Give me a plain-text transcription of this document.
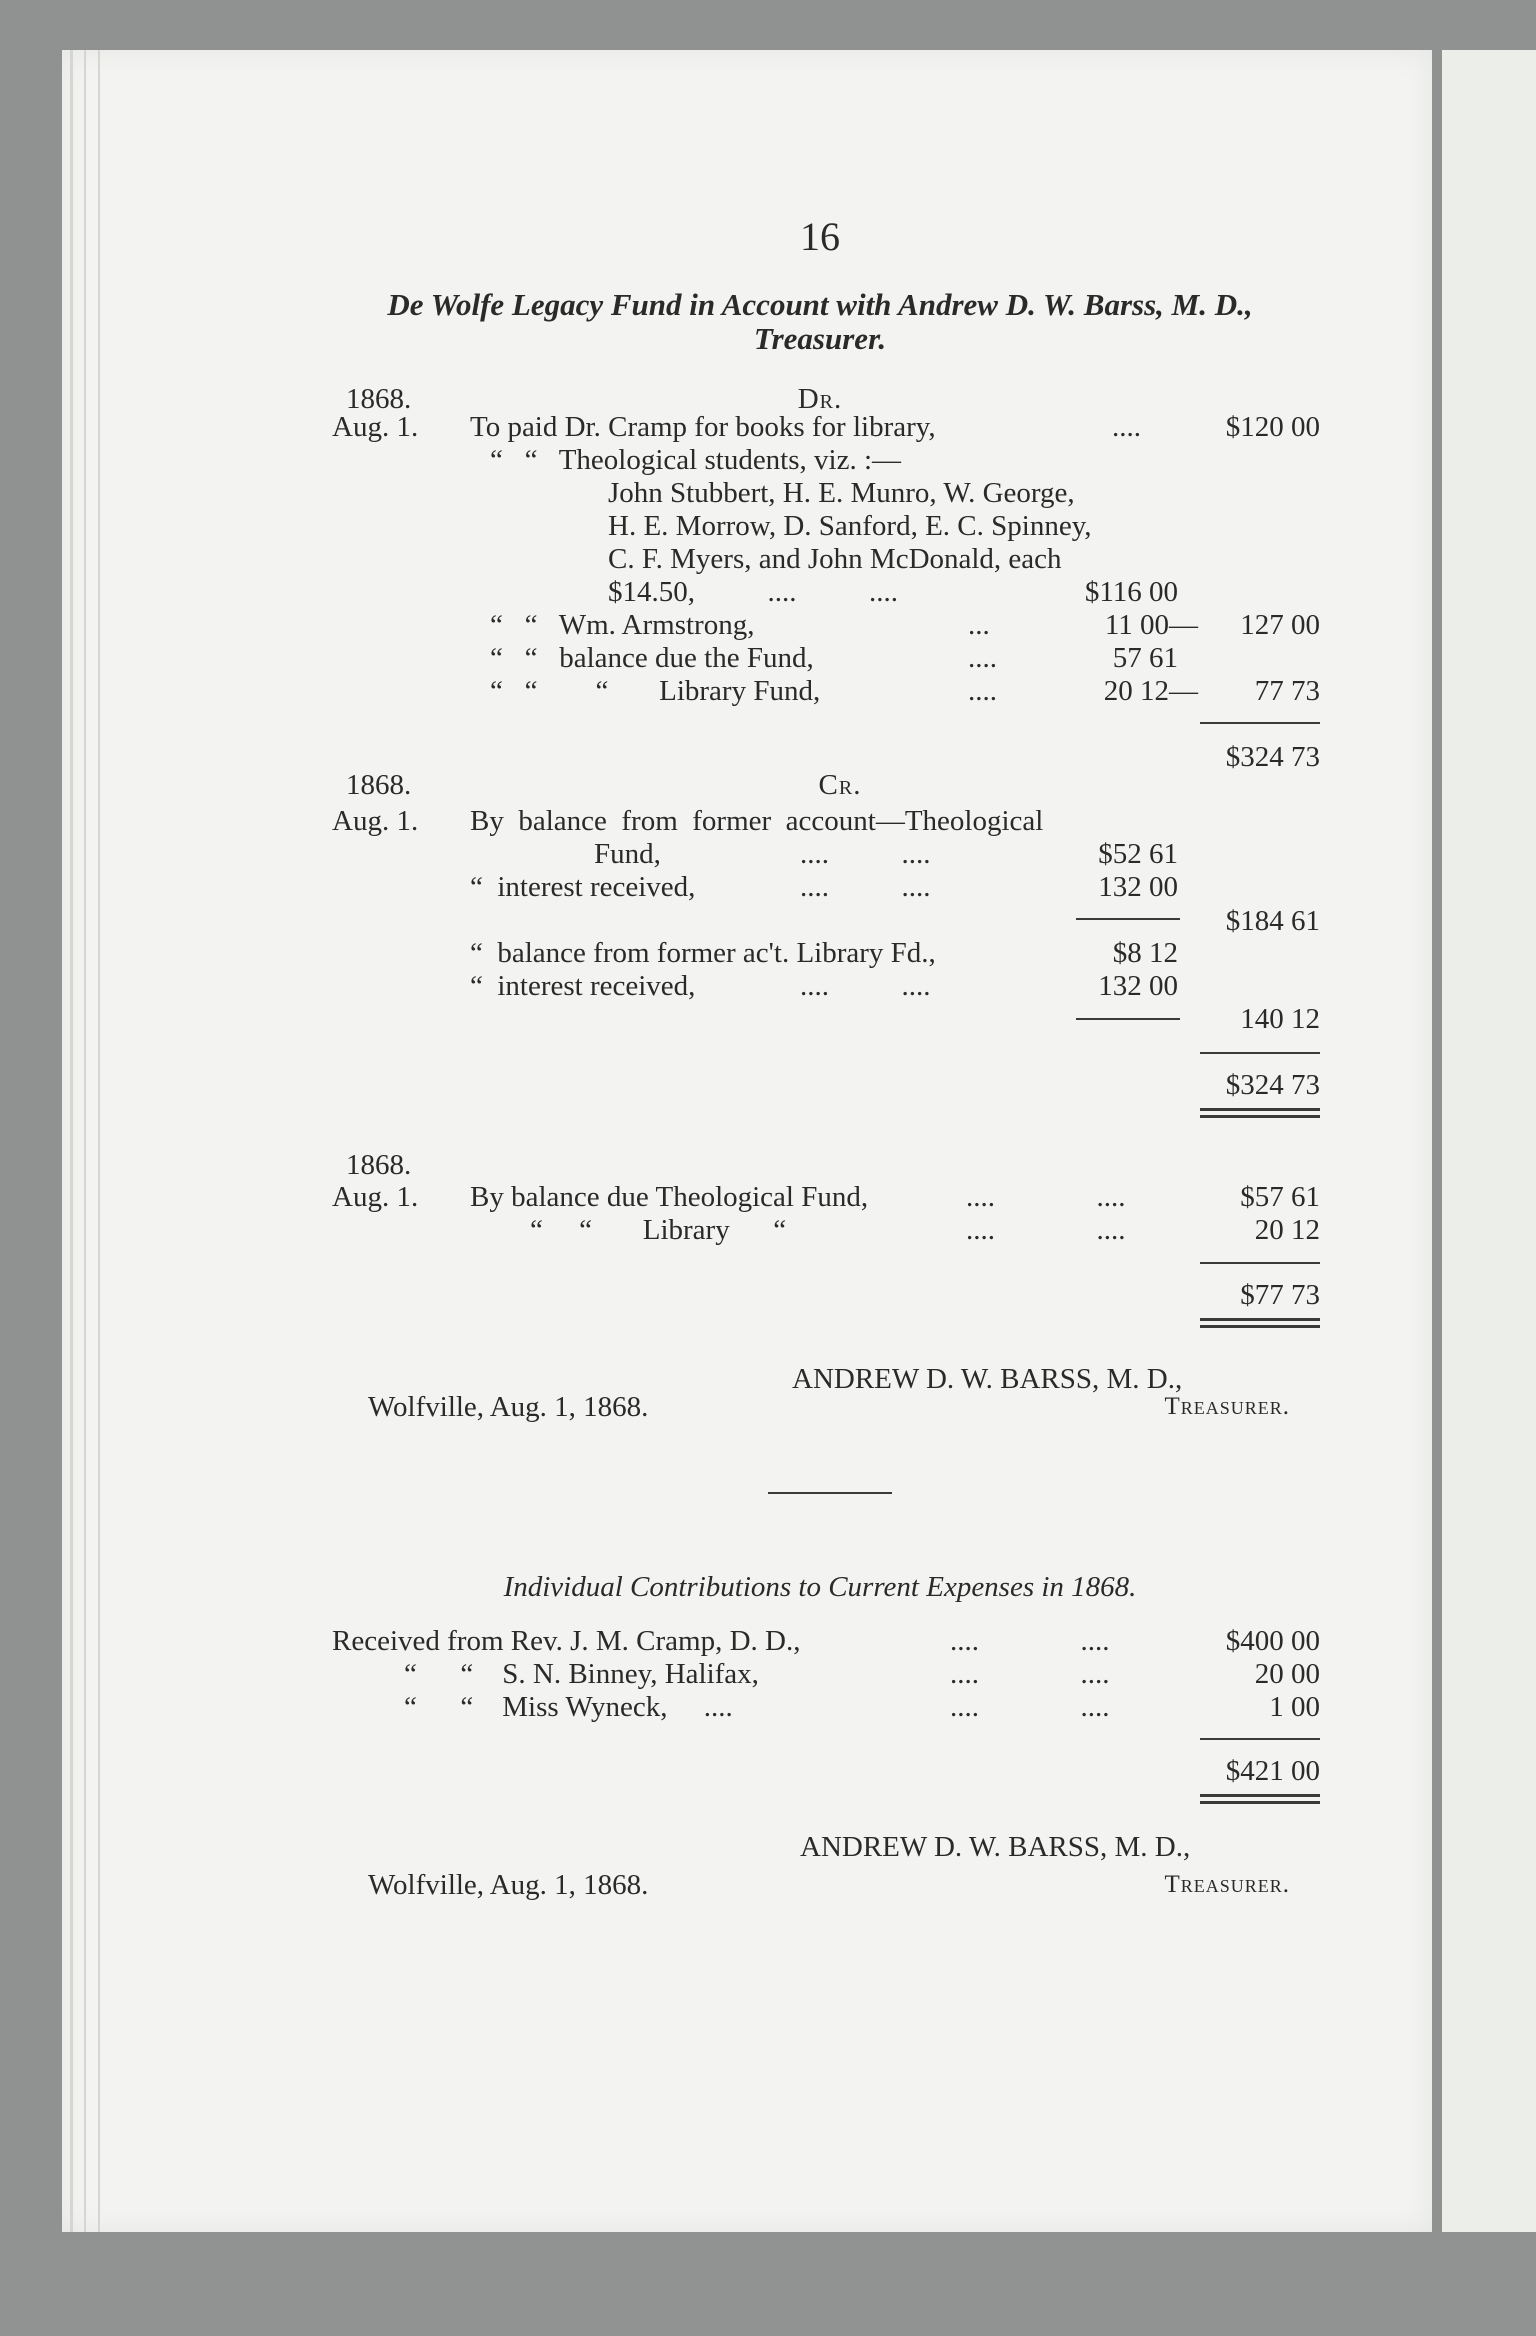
16
De Wolfe Legacy Fund in Account with Andrew D. W. Barss, M. D.,
Treasurer.
1868.	Dr.
Aug. 1. To paid Dr. Cramp for books for library,	....	$120 00
“   “   Theological students, viz. :—
John Stubbert, H. E. Munro, W. George,
H. E. Morrow, D. Sanford, E. C. Spinney,
C. F. Myers, and John McDonald, each
$14.50,          ....          ....	$116 00
“   “   Wm. Armstrong,	...	11 00—	127 00
“   “   balance due the Fund,	....	57 61
“   “        “       Library Fund,	....	20 12—	77 73
$324 73
1868.	Cr.
Aug. 1. By  balance  from  former  account—Theological
Fund,	....          ....	$52 61
“  interest received,	....          ....	132 00
$184 61
“  balance from former ac't. Library Fd.,	$8 12
“  interest received,	....          ....	132 00
140 12
$324 73
1868.
Aug. 1. By balance due Theological Fund,	....              ....	$57 61
“     “       Library      “	....              ....	20 12
$77 73
ANDREW D. W. BARSS, M. D.,
Wolfville, Aug. 1, 1868.	Treasurer.
Individual Contributions to Current Expenses in 1868.
Received from Rev. J. M. Cramp, D. D.,	....              ....	$400 00
“      “    S. N. Binney, Halifax,	....              ....	20 00
“      “    Miss Wyneck,     ....	....              ....	1 00
$421 00
ANDREW D. W. BARSS, M. D.,
Wolfville, Aug. 1, 1868.	Treasurer.
